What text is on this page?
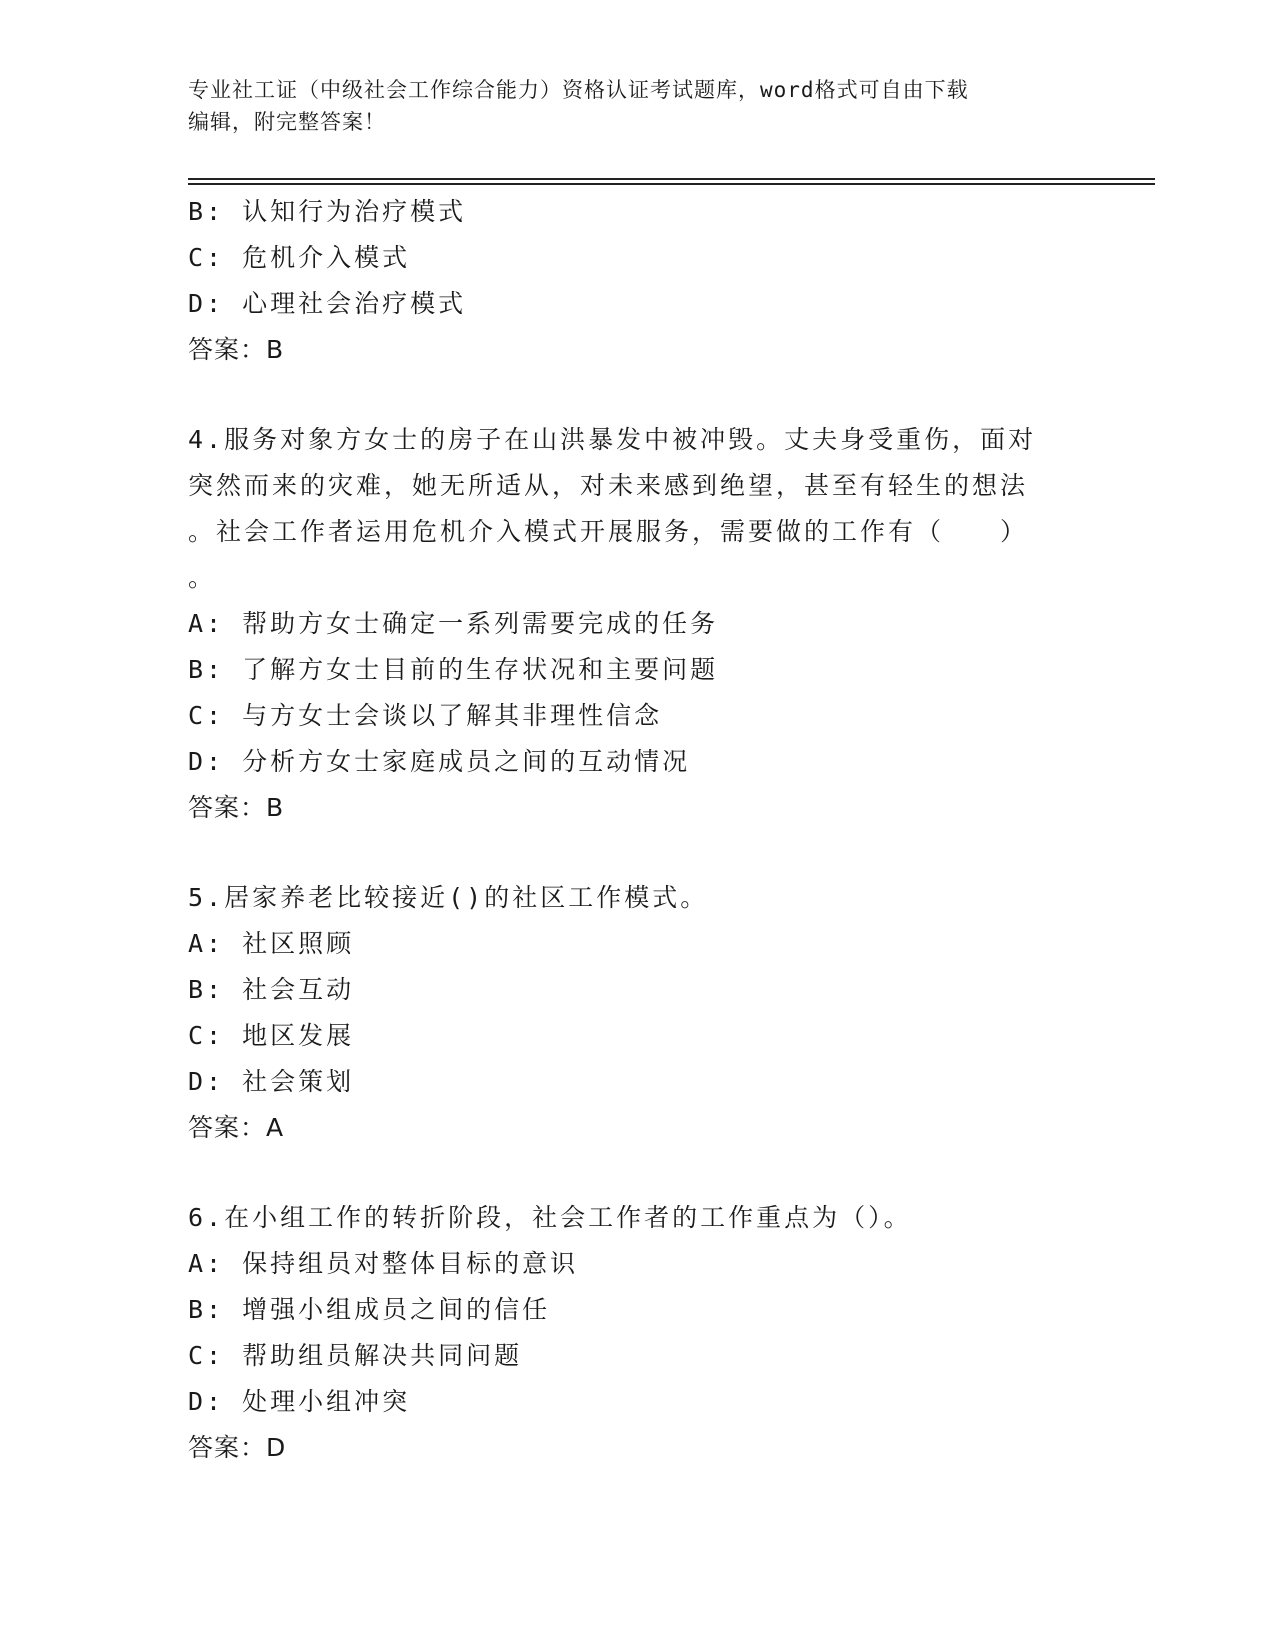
专业社工证（中级社会工作综合能力）资格认证考试题库，word格式可自由下载
编辑，附完整答案！
B: 认知行为治疗模式
C: 危机介入模式
D: 心理社会治疗模式
答案：B
4.服务对象方女士的房子在山洪暴发中被冲毁。丈夫身受重伤，面对
突然而来的灾难，她无所适从，对未来感到绝望，甚至有轻生的想法
。社会工作者运用危机介入模式开展服务，需要做的工作有（　　）
。
A: 帮助方女士确定一系列需要完成的任务
B: 了解方女士目前的生存状况和主要问题
C: 与方女士会谈以了解其非理性信念
D: 分析方女士家庭成员之间的互动情况
答案：B
5.居家养老比较接近()的社区工作模式。
A: 社区照顾
B: 社会互动
C: 地区发展
D: 社会策划
答案：A
6.在小组工作的转折阶段，社会工作者的工作重点为（）。
A: 保持组员对整体目标的意识
B: 增强小组成员之间的信任
C: 帮助组员解决共同问题
D: 处理小组冲突
答案：D
